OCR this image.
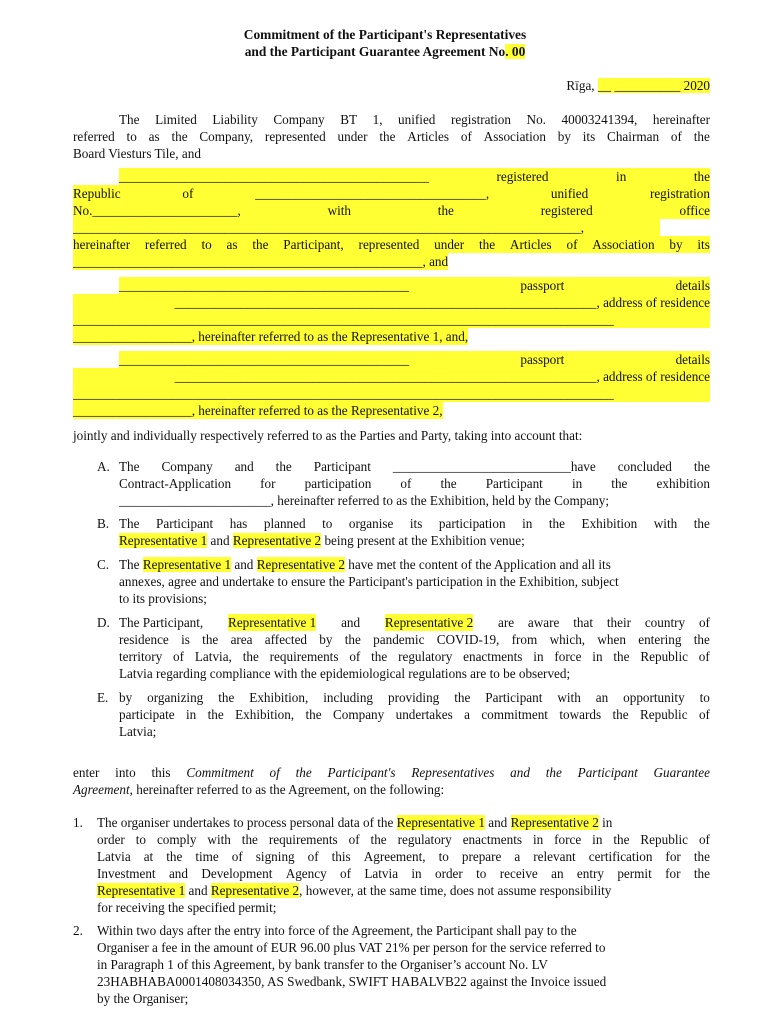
Commitment of the Participant's Representatives
and the Participant Guarantee Agreement No. 00
Rīga, __ __________ 2020
The Limited Liability Company BT 1, unified registration No. 40003241394, hereinafter
referred to as the Company, represented under the Articles of Association by its Chairman of the
Board Viesturs Tile, and
_______________________________________________	registered	in	the
Republic	of	___________________________________,	unified	registration
No.______________________,	with	the	registered	office
_____________________________________________________________________________,
hereinafter referred to as the Participant, represented under the Articles of Association by its
_____________________________________________________, and
____________________________________________	passport	details
________________________________________________________________, address of residence
__________________________________________________________________________________
__________________, hereinafter referred to as the Representative 1, and,
____________________________________________	passport	details
________________________________________________________________, address of residence
__________________________________________________________________________________
__________________, hereinafter referred to as the Representative 2,
jointly and individually respectively referred to as the Parties and Party, taking into account that:
A. The Company and the Participant ___________________________have concluded the
Contract-Application for participation of the Participant in the exhibition
_______________________, hereinafter referred to as the Exhibition, held by the Company;
B. The Participant has planned to organise its participation in the Exhibition with the
Representative 1 and Representative 2 being present at the Exhibition venue;
C. The Representative 1 and Representative 2 have met the content of the Application and all its
annexes, agree and undertake to ensure the Participant's participation in the Exhibition, subject
to its provisions;
D. The Participant, Representative 1 and Representative 2 are aware that their country of
residence is the area affected by the pandemic COVID-19, from which, when entering the
territory of Latvia, the requirements of the regulatory enactments in force in the Republic of
Latvia regarding compliance with the epidemiological regulations are to be observed;
E. by organizing the Exhibition, including providing the Participant with an opportunity to
participate in the Exhibition, the Company undertakes a commitment towards the Republic of
Latvia;
enter into this Commitment of the Participant's Representatives and the Participant Guarantee
Agreement, hereinafter referred to as the Agreement, on the following:
1. The organiser undertakes to process personal data of the Representative 1 and Representative 2 in
order to comply with the requirements of the regulatory enactments in force in the Republic of
Latvia at the time of signing of this Agreement, to prepare a relevant certification for the
Investment and Development Agency of Latvia in order to receive an entry permit for the
Representative 1 and Representative 2, however, at the same time, does not assume responsibility
for receiving the specified permit;
2. Within two days after the entry into force of the Agreement, the Participant shall pay to the
Organiser a fee in the amount of EUR 96.00 plus VAT 21% per person for the service referred to
in Paragraph 1 of this Agreement, by bank transfer to the Organiser’s account No. LV
23HABHABA0001408034350, AS Swedbank, SWIFT HABALVB22 against the Invoice issued
by the Organiser;
